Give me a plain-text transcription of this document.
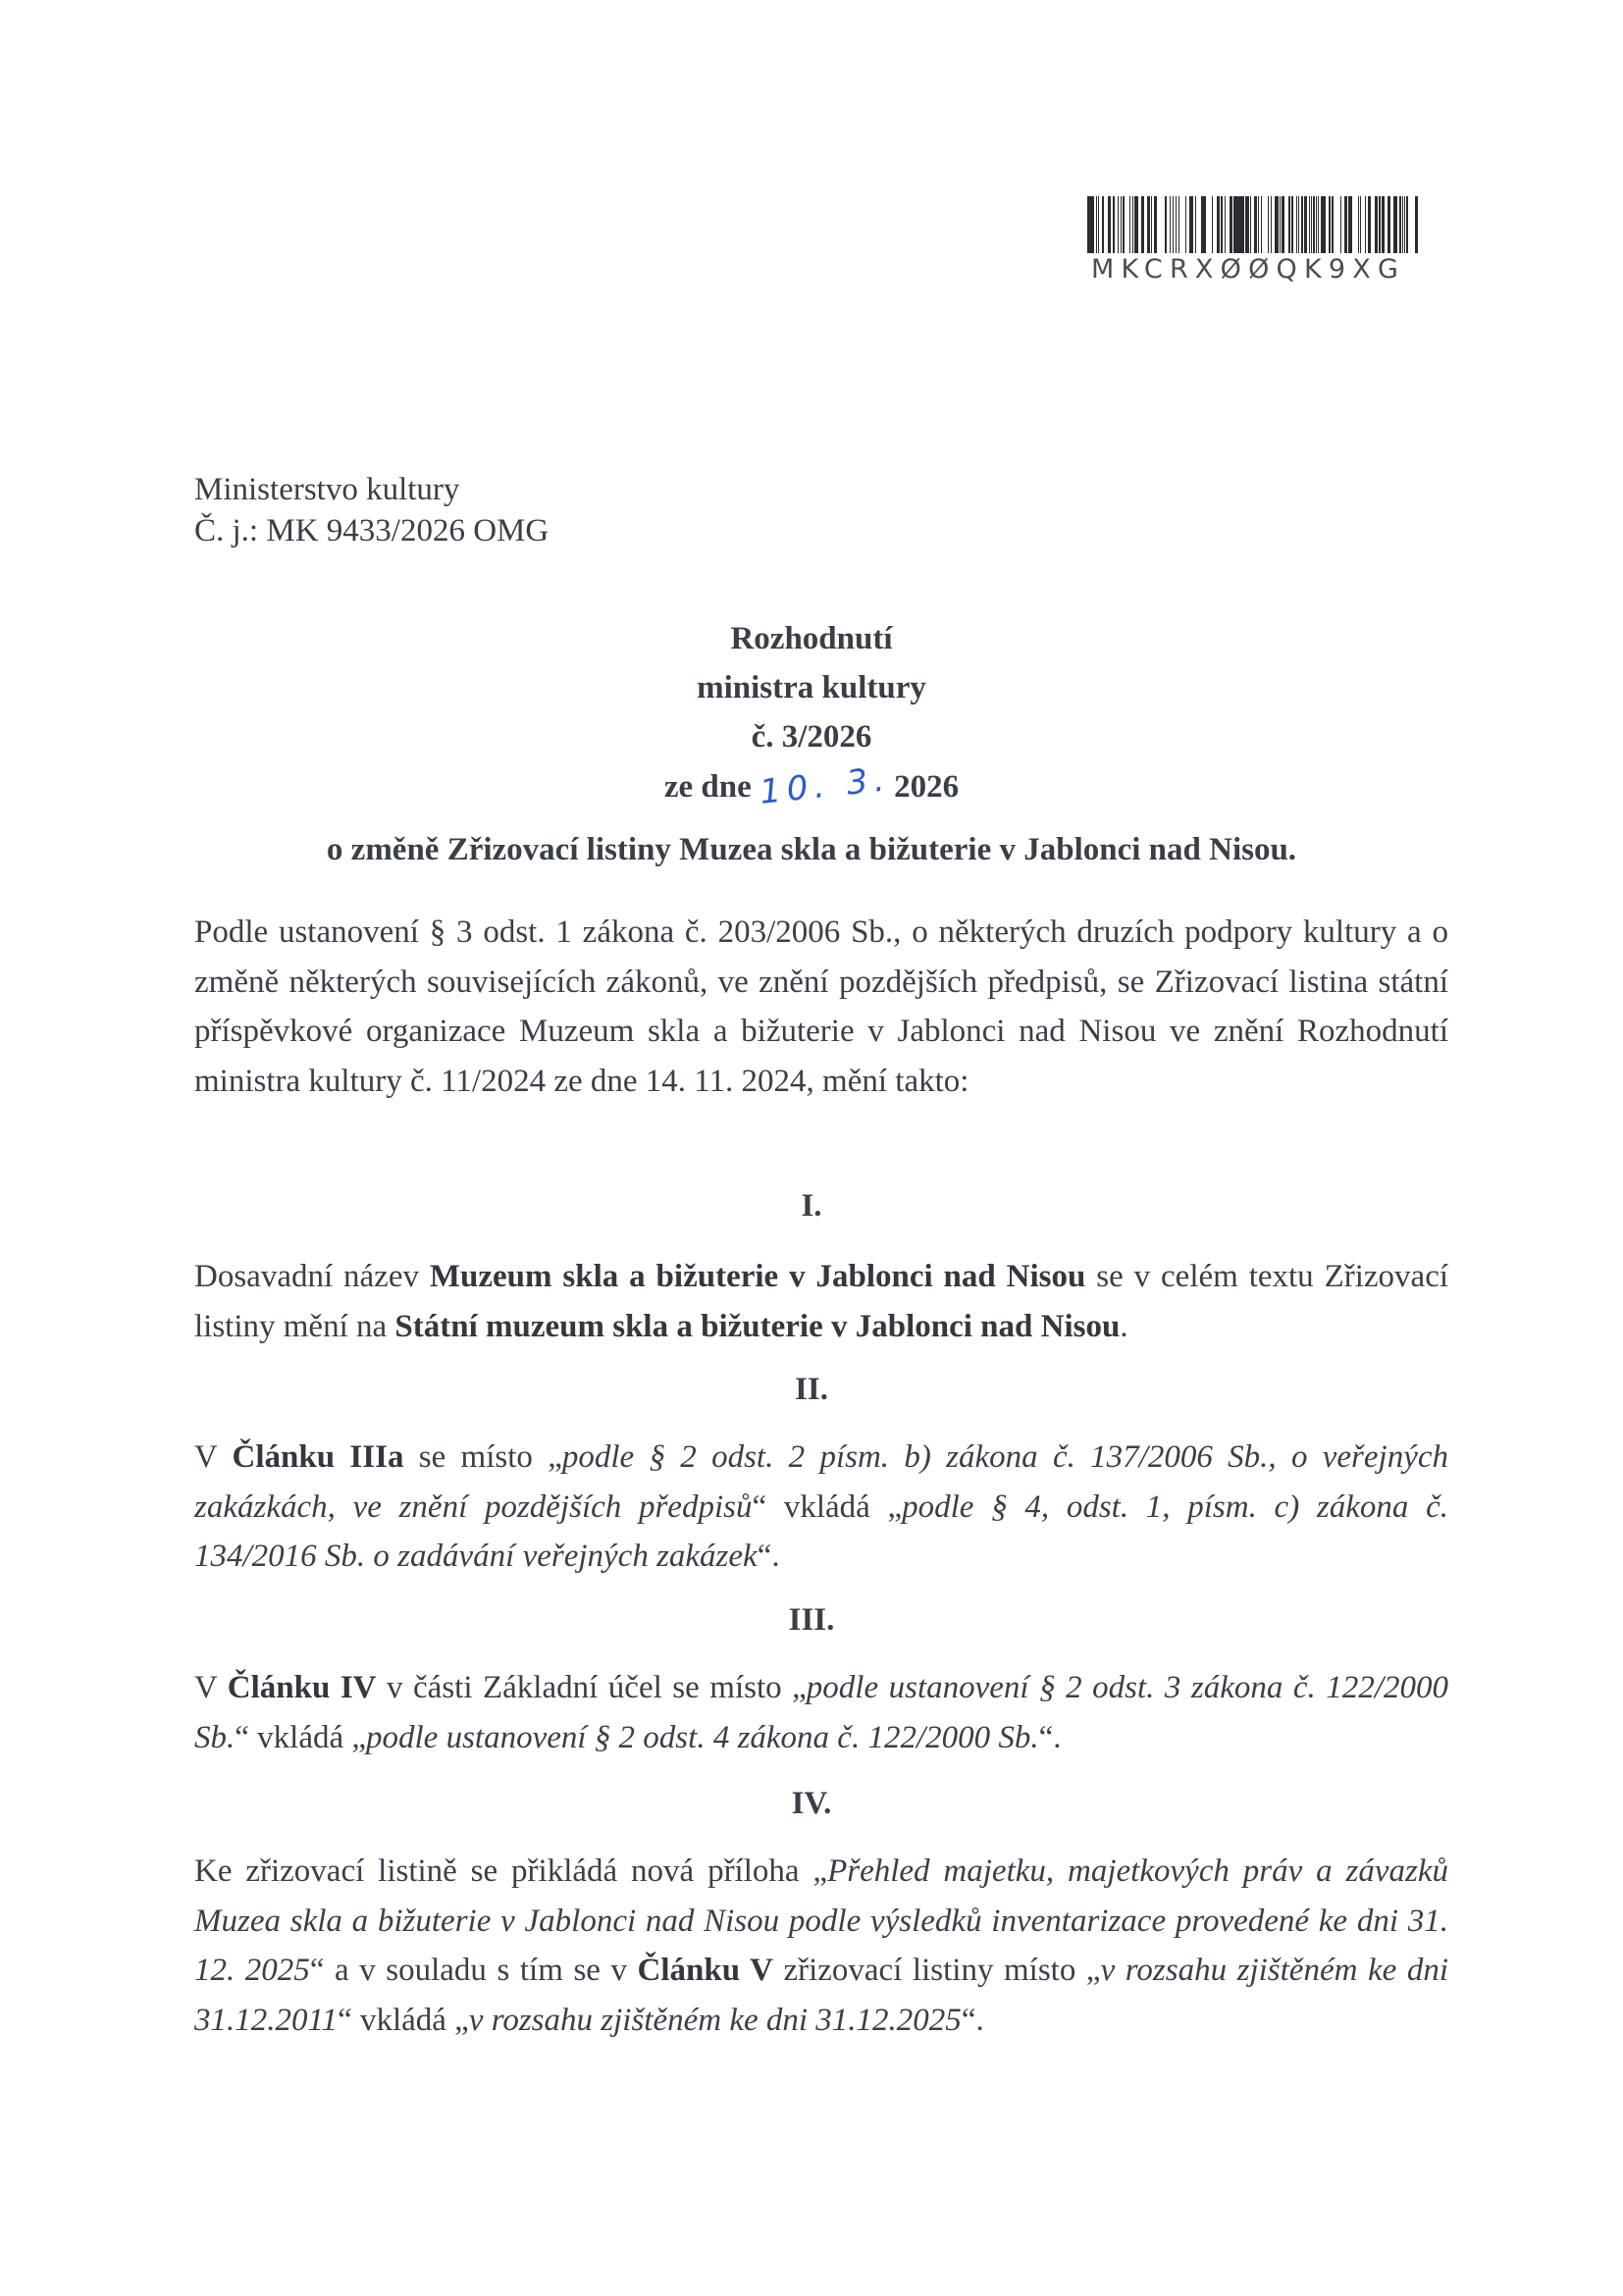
MKCRXØØQK9XG
Ministerstvo kultury
Č. j.: MK 9433/2026 OMG
Rozhodnutí
ministra kultury
č. 3/2026
ze dne 10. 3. 2026
o změně Zřizovací listiny Muzea skla a bižuterie v Jablonci nad Nisou.
Podle ustanovení § 3 odst. 1 zákona č. 203/2006 Sb., o některých druzích podpory kultury a o změně některých souvisejících zákonů, ve znění pozdějších předpisů, se Zřizovací listina státní příspěvkové organizace Muzeum skla a bižuterie v Jablonci nad Nisou ve znění Rozhodnutí ministra kultury č. 11/2024 ze dne 14. 11. 2024, mění takto:
I.
Dosavadní název Muzeum skla a bižuterie v Jablonci nad Nisou se v celém textu Zřizovací listiny mění na Státní muzeum skla a bižuterie v Jablonci nad Nisou.
II.
V Článku IIIa se místo „podle § 2 odst. 2 písm. b) zákona č. 137/2006 Sb., o veřejných zakázkách, ve znění pozdějších předpisů“ vkládá „podle § 4, odst. 1, písm. c) zákona č. 134/2016 Sb. o zadávání veřejných zakázek“.
III.
V Článku IV v části Základní účel se místo „podle ustanovení § 2 odst. 3 zákona č. 122/2000 Sb.“ vkládá „podle ustanovení § 2 odst. 4 zákona č. 122/2000 Sb.“.
IV.
Ke zřizovací listině se přikládá nová příloha „Přehled majetku, majetkových práv a závazků Muzea skla a bižuterie v Jablonci nad Nisou podle výsledků inventarizace provedené ke dni 31. 12. 2025“ a v souladu s tím se v Článku V zřizovací listiny místo „v rozsahu zjištěném ke dni 31.12.2011“ vkládá „v rozsahu zjištěném ke dni 31.12.2025“.
